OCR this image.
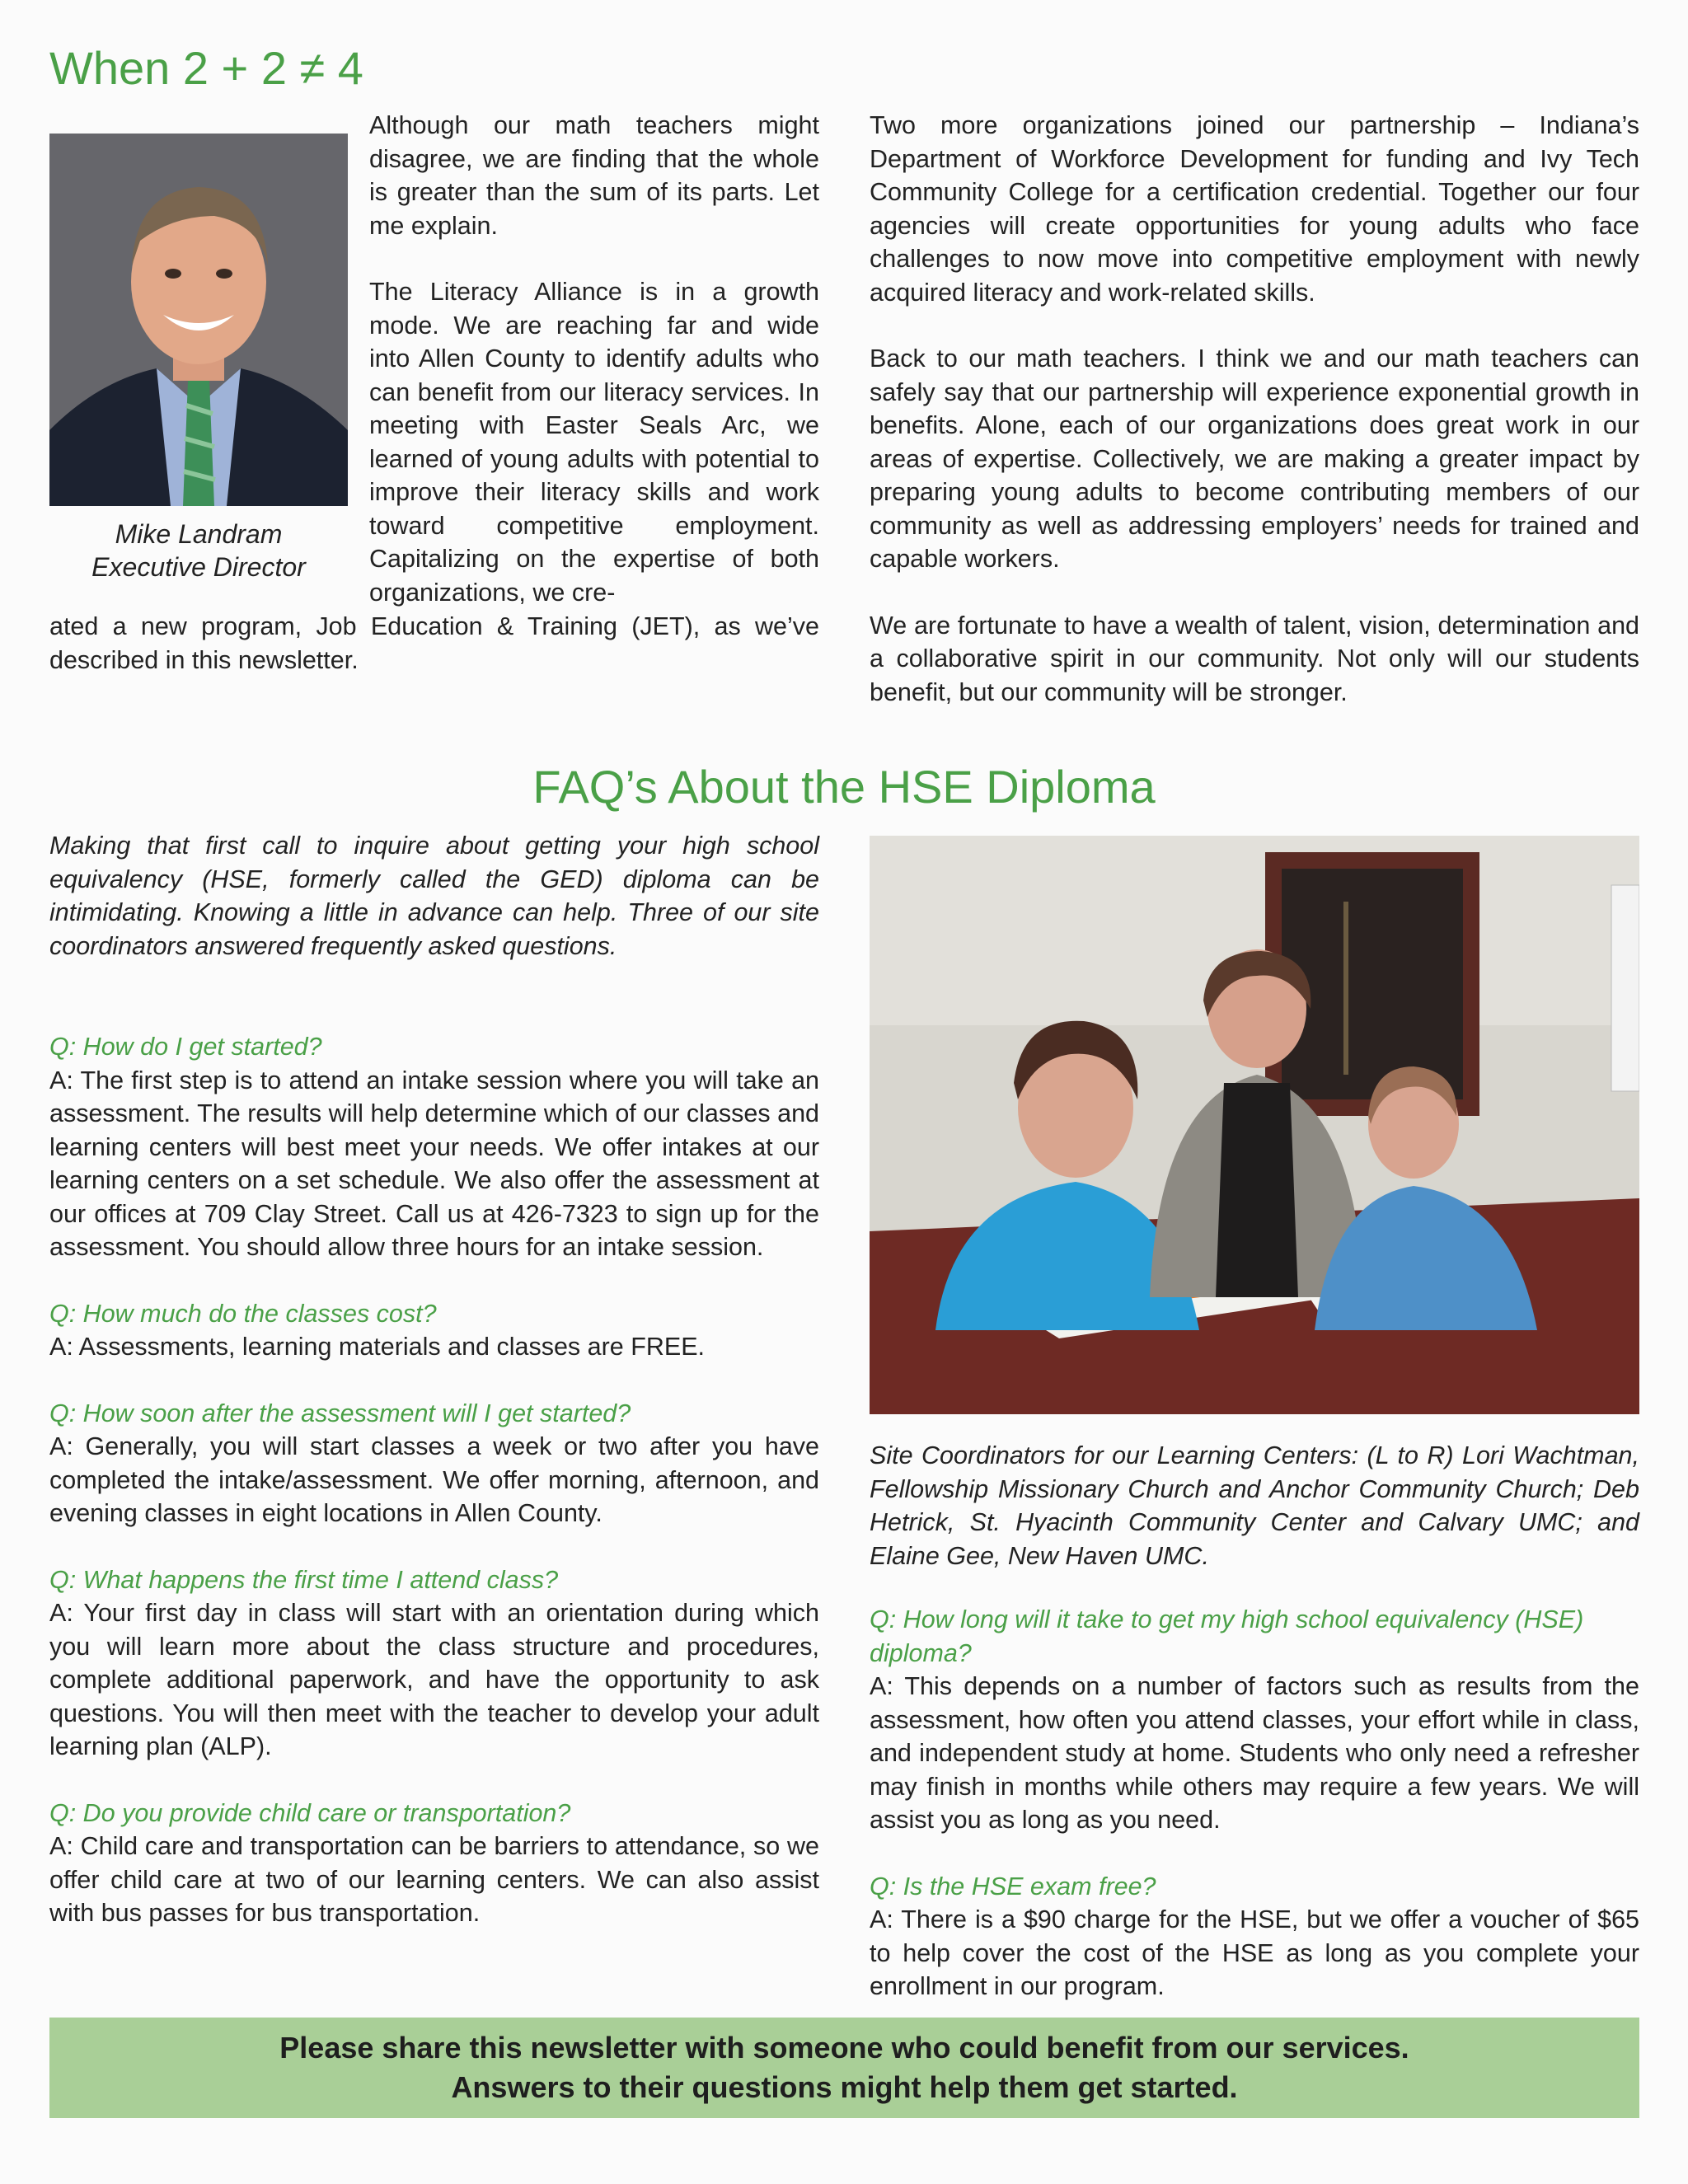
When 2 + 2 ≠ 4
Mike Landram
Executive Director

Although our math teachers might disagree, we are finding that the whole is greater than the sum of its parts. Let me explain.

The Literacy Alliance is in a growth mode. We are reaching far and wide into Allen County to identify adults who can benefit from our literacy services. In meeting with Easter Seals Arc, we learned of young adults with potential to improve their literacy skills and work toward competitive employment. Capitalizing on the expertise of both organizations, we cre-

ated a new program, Job Education & Training (JET), as we’ve described in this newsletter.

Two more organizations joined our partnership – Indiana’s Department of Workforce Development for funding and Ivy Tech Community College for a certification credential. Together our four agencies will create opportunities for young adults who face challenges to now move into competitive employment with newly acquired literacy and work-related skills.

Back to our math teachers. I think we and our math teachers can safely say that our partnership will experience exponential growth in benefits. Alone, each of our organizations does great work in our areas of expertise. Collectively, we are making a greater impact by preparing young adults to become contributing members of our community as well as addressing employers’ needs for trained and capable workers.

We are fortunate to have a wealth of talent, vision, determination and a collaborative spirit in our community. Not only will our students benefit, but our community will be stronger.

FAQ’s About the HSE Diploma
Making that first call to inquire about getting your high school equivalency (HSE, formerly called the GED) diploma can be intimidating. Knowing a little in advance can help. Three of our site coordinators answered frequently asked questions.
Q: How do I get started?
A: The first step is to attend an intake session where you will take an assessment. The results will help determine which of our classes and learning centers will best meet your needs. We offer intakes at our learning centers on a set schedule. We also offer the assessment at our offices at 709 Clay Street. Call us at 426-7323 to sign up for the assessment. You should allow three hours for an intake session.
Q: How much do the classes cost?
A: Assessments, learning materials and classes are FREE.
Q: How soon after the assessment will I get started?
A: Generally, you will start classes a week or two after you have completed the intake/assessment. We offer morning, afternoon, and evening classes in eight locations in Allen County.
Q: What happens the first time I attend class?
A: Your first day in class will start with an orientation during which you will learn more about the class structure and procedures, complete additional paperwork, and have the opportunity to ask questions. You will then meet with the teacher to develop your adult learning plan (ALP).
Q: Do you provide child care or transportation?
A: Child care and transportation can be barriers to attendance, so we offer child care at two of our learning centers. We can also assist with bus passes for bus transportation.
Site Coordinators for our Learning Centers: (L to R) Lori Wachtman, Fellowship Missionary Church and Anchor Community Church; Deb Hetrick, St. Hyacinth Community Center and Calvary UMC; and Elaine Gee, New Haven UMC.
Q: How long will it take to get my high school equivalency (HSE) diploma?
A: This depends on a number of factors such as results from the assessment, how often you attend classes, your effort while in class, and independent study at home. Students who only need a refresher may finish in months while others may require a few years. We will assist you as long as you need.
Q: Is the HSE exam free?
A: There is a $90 charge for the HSE, but we offer a voucher of $65 to help cover the cost of the HSE as long as you complete your enrollment in our program.
Please share this newsletter with someone who could benefit from our services.
Answers to their questions might help them get started.
